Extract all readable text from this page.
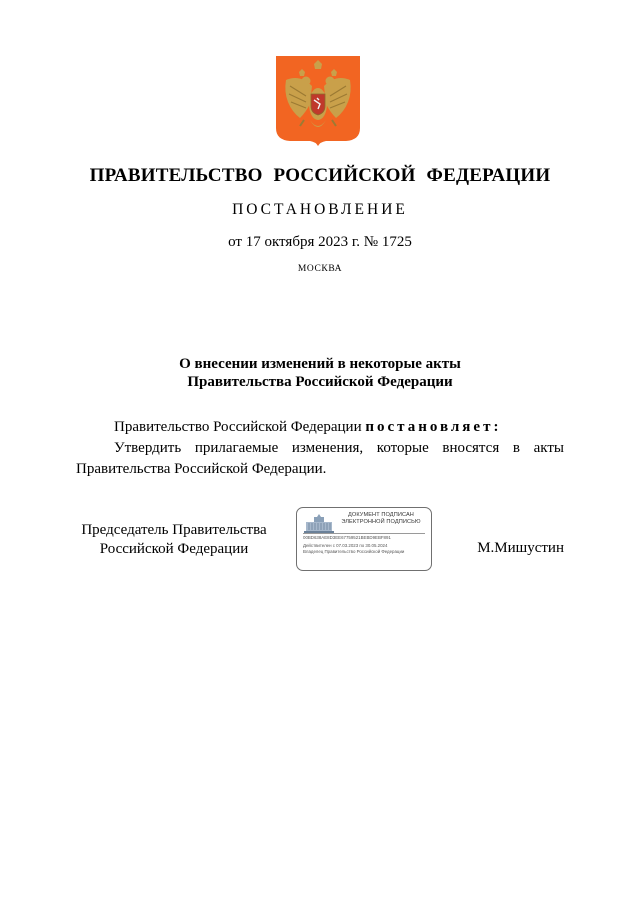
ПРАВИТЕЛЬСТВО РОССИЙСКОЙ ФЕДЕРАЦИИ
ПОСТАНОВЛЕНИЕ
от 17 октября 2023 г. № 1725
МОСКВА
О внесении изменений в некоторые акты
Правительства Российской Федерации
Правительство Российской Федерации постановляет:
Утвердить прилагаемые изменения, которые вносятся в акты Правительства Российской Федерации.
Председатель Правительства
Российской Федерации
ДОКУМЕНТ ПОДПИСАН
ЭЛЕКТРОННОЙ ПОДПИСЬЮ
00BD638AE8D3EE67759521BEBD9EBF891
Действителен с 07.03.2023 по 30.05.2024
Владелец Правительство Российской Федерации	М.Мишустин
